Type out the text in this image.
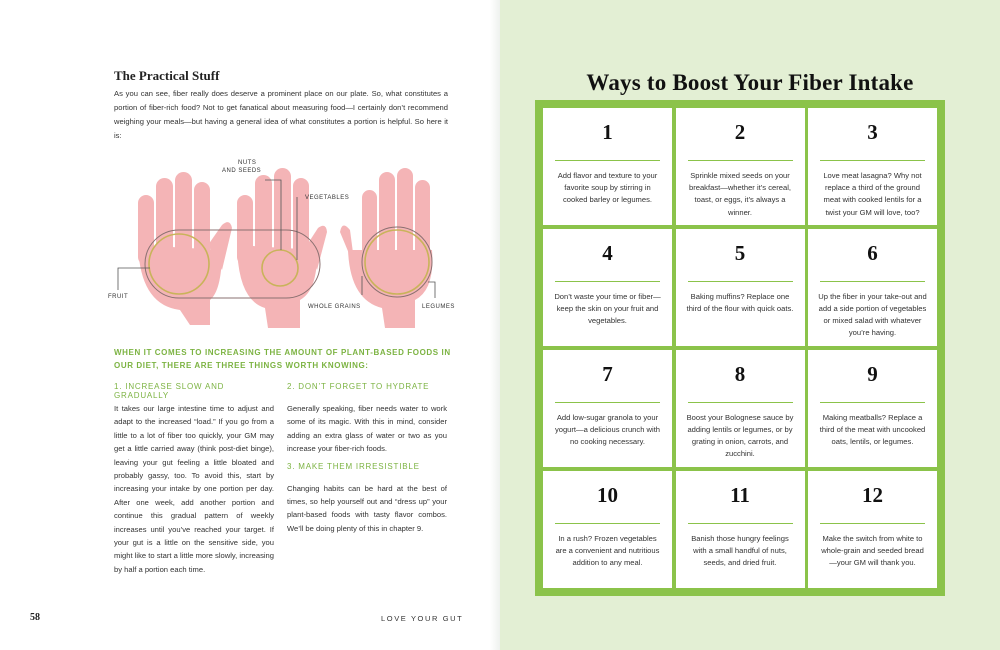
The Practical Stuff
As you can see, fiber really does deserve a prominent place on our plate. So, what constitutes a portion of fiber-rich food? Not to get fanatical about measuring food—I certainly don’t recommend weighing your meals—but having a general idea of what constitutes a portion is helpful. So here it is:
NUTS
AND SEEDS
VEGETABLES
FRUIT
WHOLE GRAINS	LEGUMES
WHEN IT COMES TO INCREASING THE AMOUNT OF PLANT-BASED FOODS IN OUR DIET, THERE ARE THREE THINGS WORTH KNOWING:
1. INCREASE SLOW AND GRADUALLY
It takes our large intestine time to adjust and adapt to the increased “load.” If you go from a little to a lot of fiber too quickly, your GM may get a little carried away (think post-diet binge), leaving your gut feeling a little bloated and probably gassy, too. To avoid this, start by increasing your intake by one portion per day. After one week, add another portion and continue this gradual pattern of weekly increases until you’ve reached your target. If your gut is a little on the sensitive side, you might like to start a little more slowly, increasing by half a portion each time.
2. DON’T FORGET TO HYDRATE
Generally speaking, fiber needs water to work some of its magic. With this in mind, consider adding an extra glass of water or two as you increase your fiber-rich foods.
3. MAKE THEM IRRESISTIBLE
Changing habits can be hard at the best of times, so help yourself out and “dress up” your plant-based foods with tasty flavor combos. We’ll be doing plenty of this in chapter 9.
58	LOVE YOUR GUT
Ways to Boost Your Fiber Intake
1
Add flavor and texture to your favorite soup by stirring in cooked barley or legumes.
2
Sprinkle mixed seeds on your breakfast—whether it’s cereal, toast, or eggs, it’s always a winner.
3
Love meat lasagna? Why not replace a third of the ground meat with cooked lentils for a twist your GM will love, too?
4
Don’t waste your time or fiber—keep the skin on your fruit and vegetables.
5
Baking muffins? Replace one third of the flour with quick oats.
6
Up the fiber in your take-out and add a side portion of vegetables or mixed salad with whatever you’re having.
7
Add low-sugar granola to your yogurt—a delicious crunch with no cooking necessary.
8
Boost your Bolognese sauce by adding lentils or legumes, or by grating in onion, carrots, and zucchini.
9
Making meatballs? Replace a third of the meat with uncooked oats, lentils, or legumes.
10
In a rush? Frozen vegetables are a convenient and nutritious addition to any meal.
11
Banish those hungry feelings with a small handful of nuts, seeds, and dried fruit.
12
Make the switch from white to whole-grain and seeded bread—your GM will thank you.
